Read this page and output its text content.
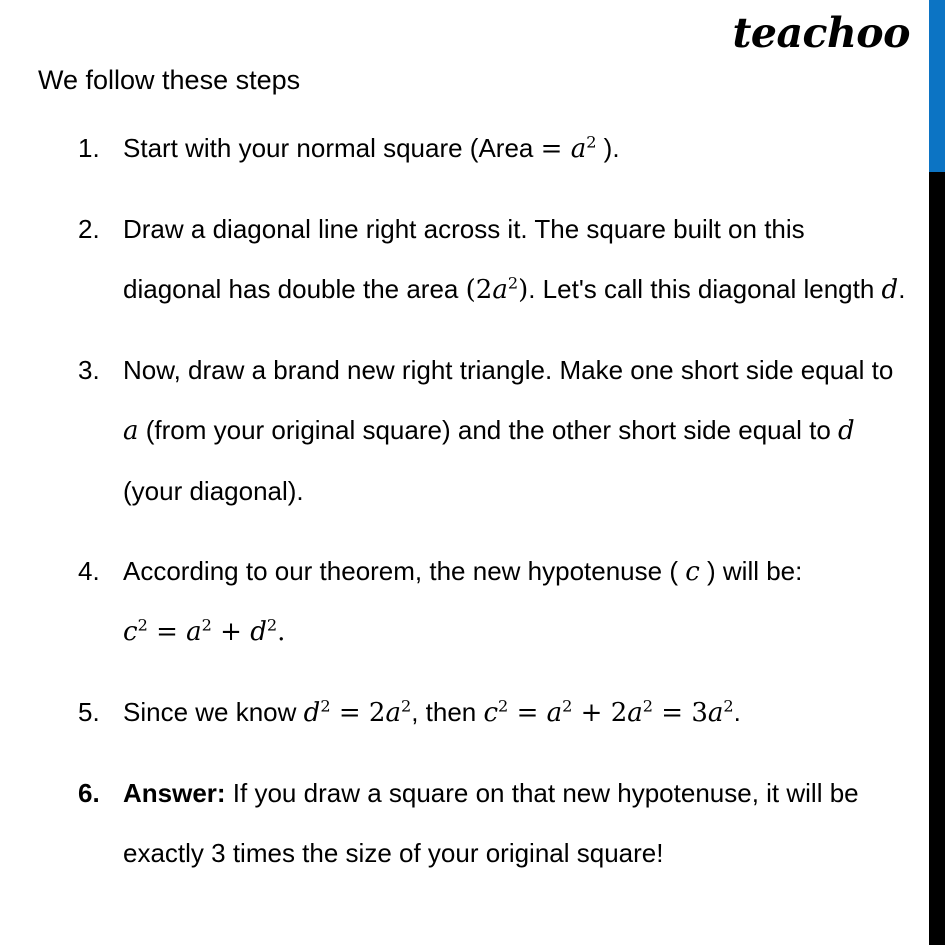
teachoo
We follow these steps
1. Start with your normal square (Area = $a^2$ ).
2. Draw a diagonal line right across it. The square built on this diagonal has double the area $(2a^2)$. Let's call this diagonal length d.
3. Now, draw a brand new right triangle. Make one short side equal to a (from your original square) and the other short side equal to d (your diagonal).
4. According to our theorem, the new hypotenuse ( c ) will be:
$c^2 = a^2 + d^2$.
5. Since we know $d^2 = 2a^2$, then $c^2 = a^2 + 2a^2 = 3a^2$.
6. Answer: If you draw a square on that new hypotenuse, it will be exactly 3 times the size of your original square!
